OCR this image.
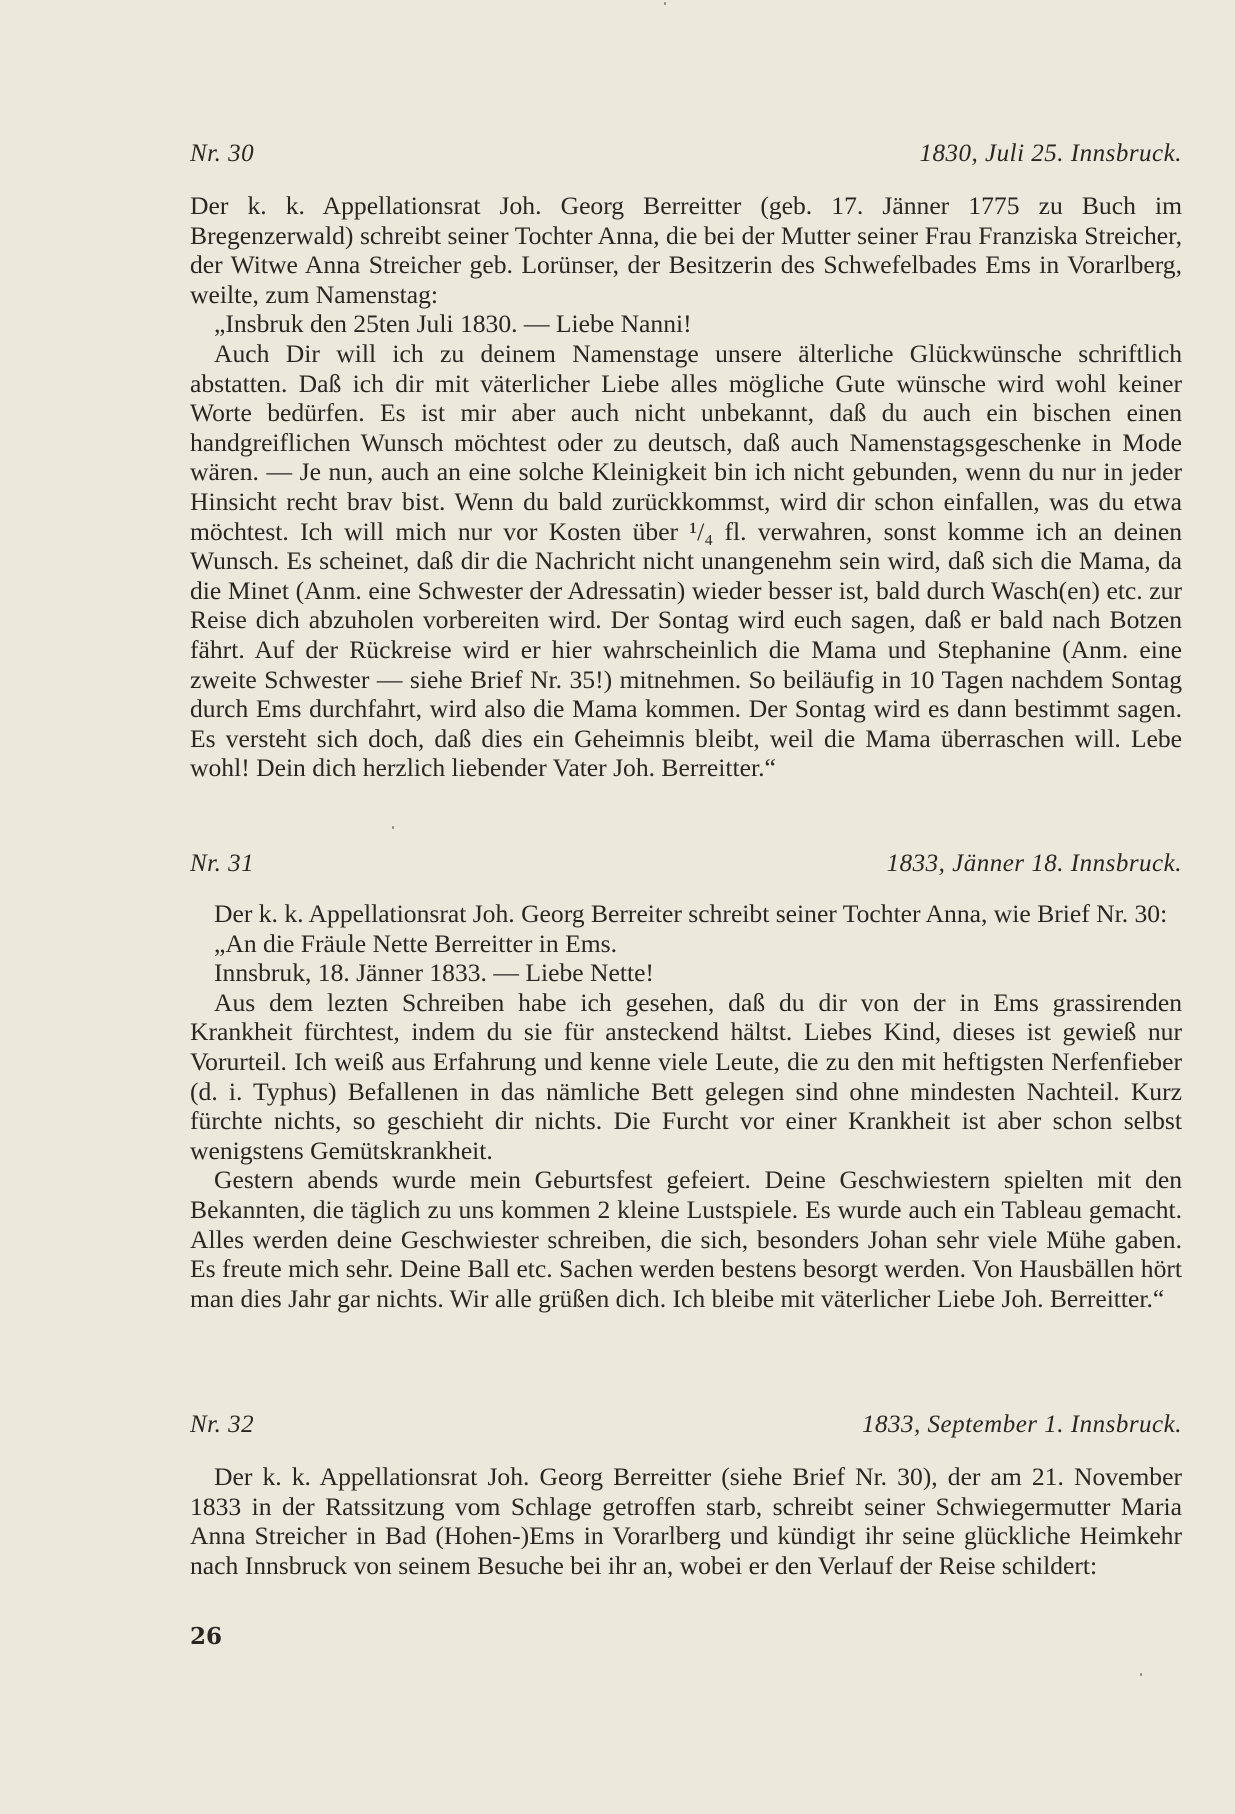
Nr. 30	1830, Juli 25. Innsbruck.

Der k. k. Appellationsrat Joh. Georg Berreitter (geb. 17. Jänner 1775 zu Buch im Bregenzerwald) schreibt seiner Tochter Anna, die bei der Mutter seiner Frau Franziska Streicher, der Witwe Anna Streicher geb. Lorünser, der Besitzerin des Schwefelbades Ems in Vorarlberg, weilte, zum Namenstag:

„Insbruk den 25ten Juli 1830. — Liebe Nanni!

Auch Dir will ich zu deinem Namenstage unsere älterliche Glückwünsche schriftlich abstatten. Daß ich dir mit väterlicher Liebe alles mögliche Gute wünsche wird wohl keiner Worte bedürfen. Es ist mir aber auch nicht unbekannt, daß du auch ein bischen einen handgreiflichen Wunsch möchtest oder zu deutsch, daß auch Namenstagsgeschenke in Mode wären. — Je nun, auch an eine solche Kleinigkeit bin ich nicht gebunden, wenn du nur in jeder Hinsicht recht brav bist. Wenn du bald zurückkommst, wird dir schon einfallen, was du etwa möchtest. Ich will mich nur vor Kosten über ¹/₄ fl. verwahren, sonst komme ich an deinen Wunsch. Es scheinet, daß dir die Nachricht nicht unangenehm sein wird, daß sich die Mama, da die Minet (Anm. eine Schwester der Adressatin) wieder besser ist, bald durch Wasch(en) etc. zur Reise dich abzuholen vorbereiten wird. Der Sontag wird euch sagen, daß er bald nach Botzen fährt. Auf der Rückreise wird er hier wahrscheinlich die Mama und Stephanine (Anm. eine zweite Schwester — siehe Brief Nr. 35!) mitnehmen. So beiläufig in 10 Tagen nachdem Sontag durch Ems durchfahrt, wird also die Mama kommen. Der Sontag wird es dann bestimmt sagen. Es versteht sich doch, daß dies ein Geheimnis bleibt, weil die Mama überraschen will. Lebe wohl! Dein dich herzlich liebender Vater Joh. Berreitter.“

Nr. 31	1833, Jänner 18. Innsbruck.

Der k. k. Appellationsrat Joh. Georg Berreiter schreibt seiner Tochter Anna, wie Brief Nr. 30:

„An die Fräule Nette Berreitter in Ems.

Innsbruk, 18. Jänner 1833. — Liebe Nette!

Aus dem lezten Schreiben habe ich gesehen, daß du dir von der in Ems grassirenden Krankheit fürchtest, indem du sie für ansteckend hältst. Liebes Kind, dieses ist gewieß nur Vorurteil. Ich weiß aus Erfahrung und kenne viele Leute, die zu den mit heftigsten Nerfenfieber (d. i. Typhus) Befallenen in das nämliche Bett gelegen sind ohne mindesten Nachteil. Kurz fürchte nichts, so geschieht dir nichts. Die Furcht vor einer Krankheit ist aber schon selbst wenigstens Gemütskrankheit.

Gestern abends wurde mein Geburtsfest gefeiert. Deine Geschwiestern spielten mit den Bekannten, die täglich zu uns kommen 2 kleine Lustspiele. Es wurde auch ein Tableau gemacht. Alles werden deine Geschwiester schreiben, die sich, besonders Johan sehr viele Mühe gaben. Es freute mich sehr. Deine Ball etc. Sachen werden bestens besorgt werden. Von Hausbällen hört man dies Jahr gar nichts. Wir alle grüßen dich. Ich bleibe mit väterlicher Liebe Joh. Berreitter.“

Nr. 32	1833, September 1. Innsbruck.

Der k. k. Appellationsrat Joh. Georg Berreitter (siehe Brief Nr. 30), der am 21. November 1833 in der Ratssitzung vom Schlage getroffen starb, schreibt seiner Schwiegermutter Maria Anna Streicher in Bad (Hohen-)Ems in Vorarlberg und kündigt ihr seine glückliche Heimkehr nach Innsbruck von seinem Besuche bei ihr an, wobei er den Verlauf der Reise schildert:

26
